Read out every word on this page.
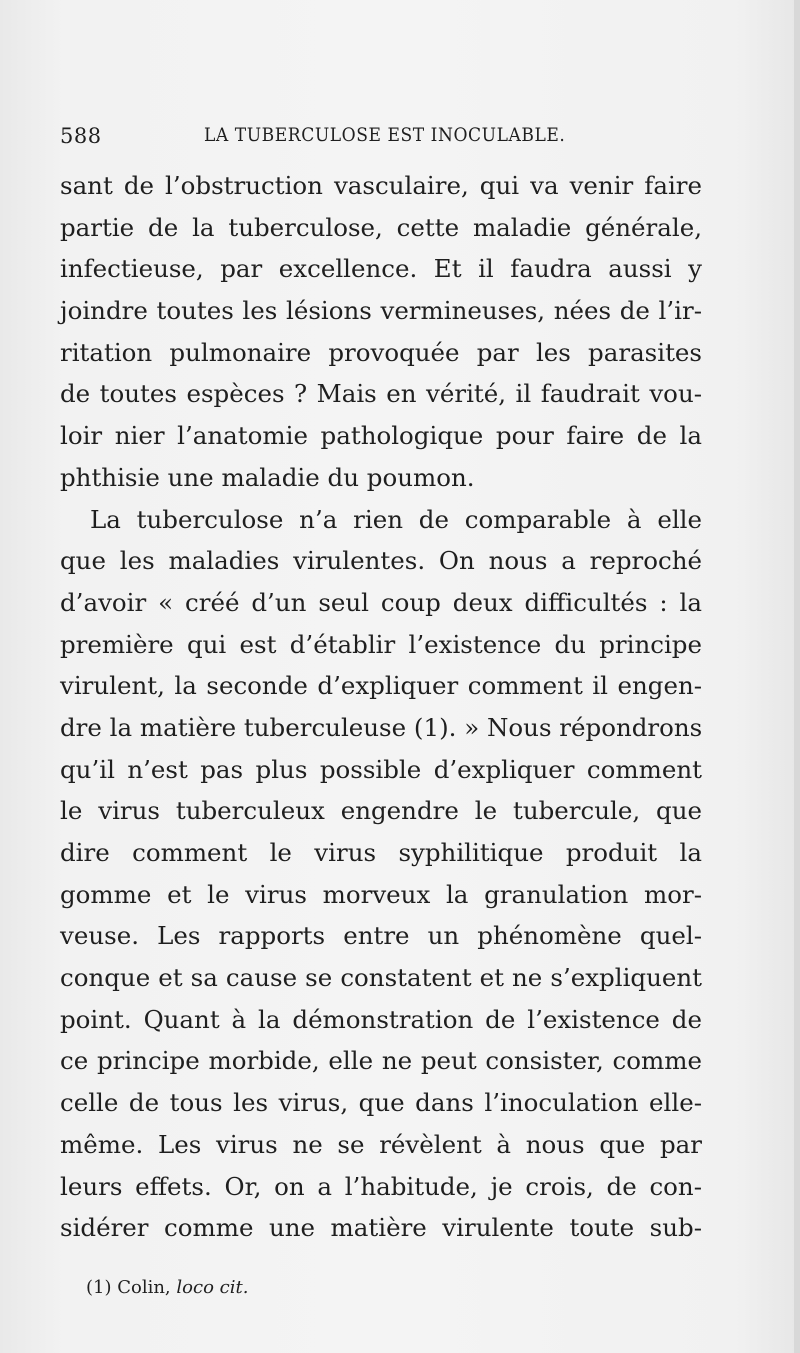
588	LA TUBERCULOSE EST INOCULABLE.
sant de l’obstruction vasculaire, qui va venir faire
partie de la tuberculose, cette maladie générale,
infectieuse, par excellence. Et il faudra aussi y
joindre toutes les lésions vermineuses, nées de l’ir-
ritation pulmonaire provoquée par les parasites
de toutes espèces ? Mais en vérité, il faudrait vou-
loir nier l’anatomie pathologique pour faire de la
phthisie une maladie du poumon.
La tuberculose n’a rien de comparable à elle
que les maladies virulentes. On nous a reproché
d’avoir « créé d’un seul coup deux difficultés : la
première qui est d’établir l’existence du principe
virulent, la seconde d’expliquer comment il engen-
dre la matière tuberculeuse (1). » Nous répondrons
qu’il n’est pas plus possible d’expliquer comment
le virus tuberculeux engendre le tubercule, que
dire comment le virus syphilitique produit la
gomme et le virus morveux la granulation mor-
veuse. Les rapports entre un phénomène quel-
conque et sa cause se constatent et ne s’expliquent
point. Quant à la démonstration de l’existence de
ce principe morbide, elle ne peut consister, comme
celle de tous les virus, que dans l’inoculation elle-
même. Les virus ne se révèlent à nous que par
leurs effets. Or, on a l’habitude, je crois, de con-
sidérer comme une matière virulente toute sub-
(1) Colin, loco cit.
